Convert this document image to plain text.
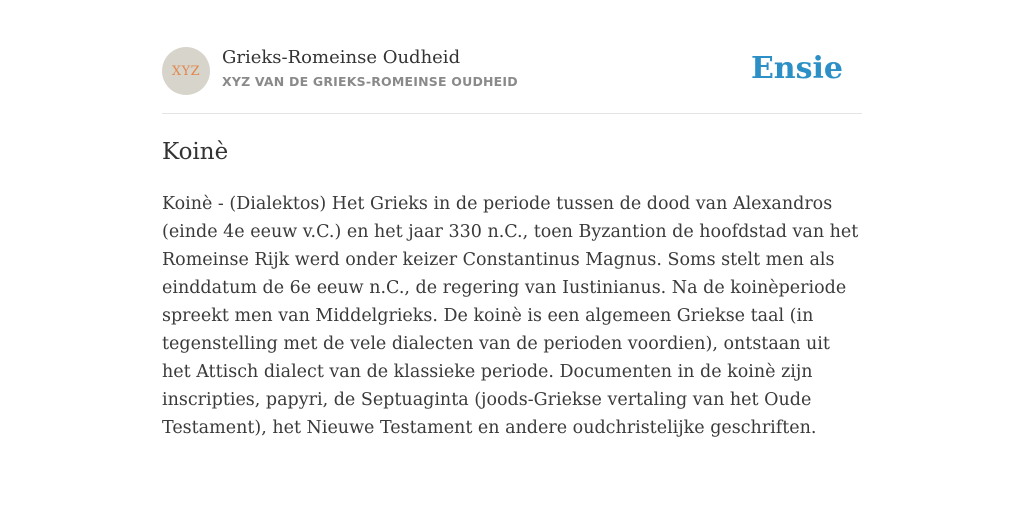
XYZ
Grieks-Romeinse Oudheid
XYZ VAN DE GRIEKS-ROMEINSE OUDHEID	Ensie
Koinè

Koinè - (Dialektos) Het Grieks in de periode tussen de dood van Alexandros (einde 4e eeuw v.C.) en het jaar 330 n.C., toen Byzantion de hoofdstad van het Romeinse Rijk werd onder keizer Constantinus Magnus. Soms stelt men als einddatum de 6e eeuw n.C., de regering van Iustinianus. Na de koinèperiode spreekt men van Middelgrieks. De koinè is een algemeen Griekse taal (in tegenstelling met de vele dialecten van de perioden voordien), ontstaan uit het Attisch dialect van de klassieke periode. Documenten in de koinè zijn inscripties, papyri, de Septuaginta (joods-Griekse vertaling van het Oude Testament), het Nieuwe Testament en andere oudchristelijke geschriften.
